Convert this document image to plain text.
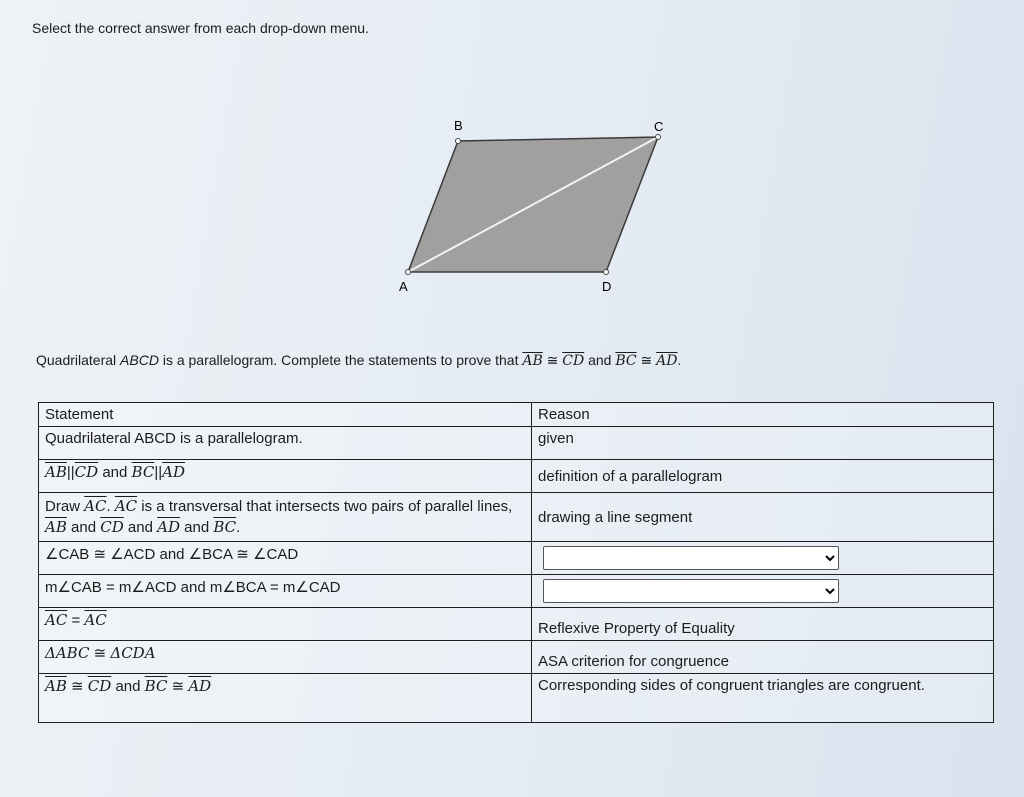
Select the correct answer from each drop-down menu.
A
B	C
D
Quadrilateral ABCD is a parallelogram. Complete the statements to prove that $\overline{AB}$ ≅ $\overline{CD}$ and $\overline{BC}$ ≅ $\overline{AD}$.
Statement	Reason
Quadrilateral ABCD is a parallelogram.	given
$\overline{AB}||\overline{CD}$ and $\overline{BC}||\overline{AD}$	definition of a parallelogram
Draw $\overline{AC}$. $\overline{AC}$ is a transversal that intersects two pairs of parallel lines,
$\overline{AB}$ and $\overline{CD}$ and $\overline{AD}$ and $\overline{BC}$.	drawing a line segment
∠CAB ≅ ∠ACD and ∠BCA ≅ ∠CAD	

m∠CAB = m∠ACD and m∠BCA = m∠CAD	

$\overline{AC} = \overline{AC}$	Reflexive Property of Equality
ΔABC ≅ ΔCDA	ASA criterion for congruence
$\overline{AB}$ ≅ $\overline{CD}$ and $\overline{BC}$ ≅ $\overline{AD}$	Corresponding sides of congruent triangles are congruent.
